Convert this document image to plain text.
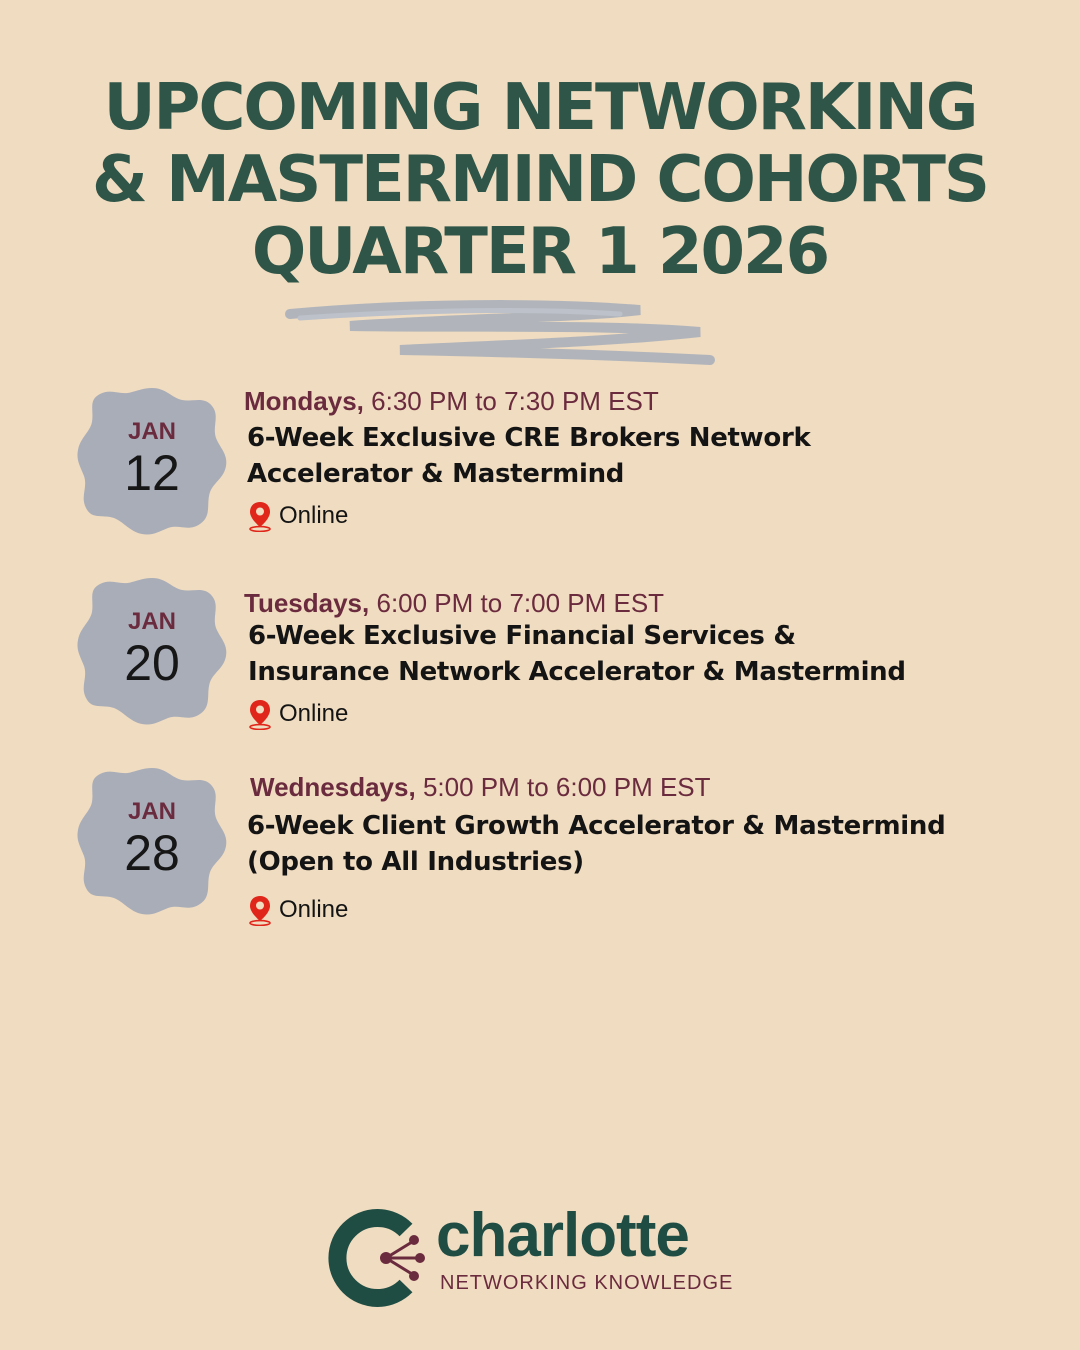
UPCOMING NETWORKING
& MASTERMIND COHORTS
QUARTER 1 2026
JAN
12
Mondays, 6:30 PM to 7:30 PM EST
6-Week Exclusive CRE Brokers Network
Accelerator & Mastermind
Online
JAN
20
Tuesdays, 6:00 PM to 7:00 PM EST
6-Week Exclusive Financial Services &
Insurance Network Accelerator & Mastermind
Online
JAN
28
Wednesdays, 5:00 PM to 6:00 PM EST
6-Week Client Growth Accelerator & Mastermind
(Open to All Industries)
Online
charlotte
NETWORKING KNOWLEDGE
